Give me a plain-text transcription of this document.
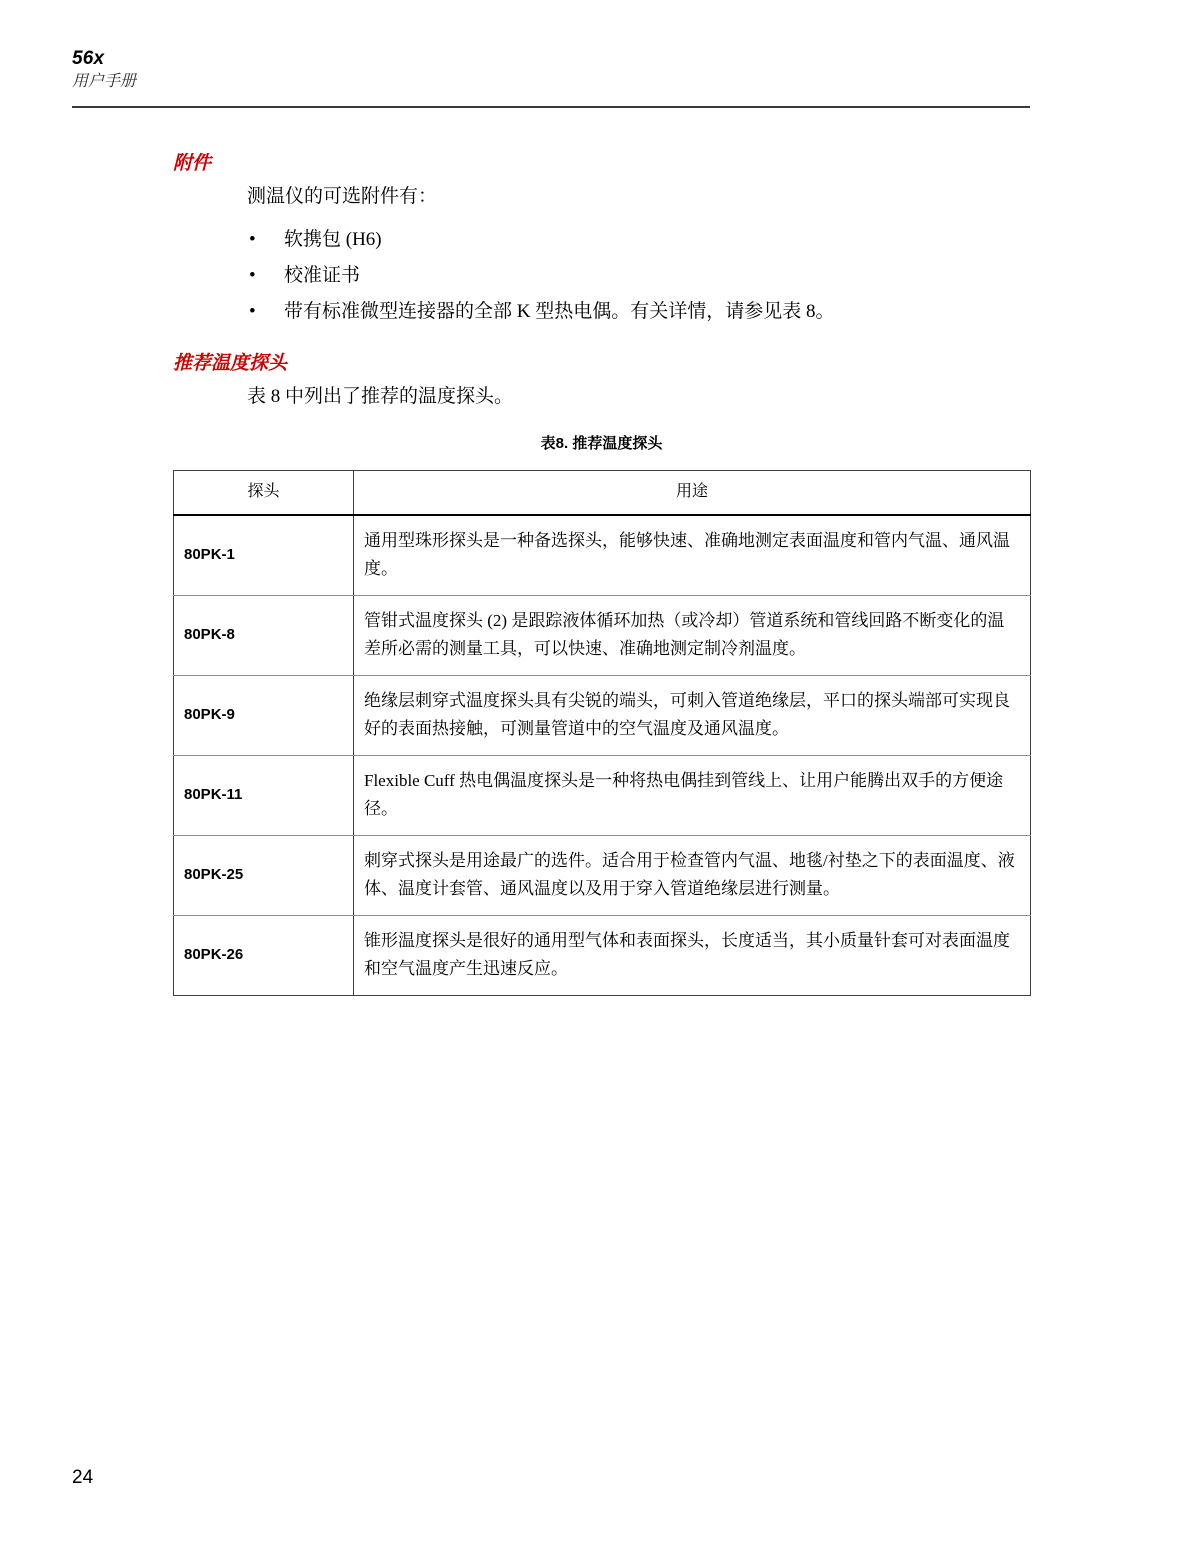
56x
用户手册
附件
测温仪的可选附件有：
• 软携包 (H6)
• 校准证书
• 带有标准微型连接器的全部 K 型热电偶。有关详情，请参见表 8。
推荐温度探头
表 8 中列出了推荐的温度探头。
表8. 推荐温度探头
探头	用途
80PK-1	通用型珠形探头是一种备选探头，能够快速、准确地测定表面温度和管内气温、通风温度。
80PK-8	管钳式温度探头 (2) 是跟踪液体循环加热（或冷却）管道系统和管线回路不断变化的温差所必需的测量工具，可以快速、准确地测定制冷剂温度。
80PK-9	绝缘层刺穿式温度探头具有尖锐的端头，可刺入管道绝缘层，平口的探头端部可实现良好的表面热接触，可测量管道中的空气温度及通风温度。
80PK-11	Flexible Cuff 热电偶温度探头是一种将热电偶挂到管线上、让用户能腾出双手的方便途径。
80PK-25	刺穿式探头是用途最广的选件。适合用于检查管内气温、地毯/衬垫之下的表面温度、液体、温度计套管、通风温度以及用于穿入管道绝缘层进行测量。
80PK-26	锥形温度探头是很好的通用型气体和表面探头，长度适当，其小质量针套可对表面温度和空气温度产生迅速反应。
24
